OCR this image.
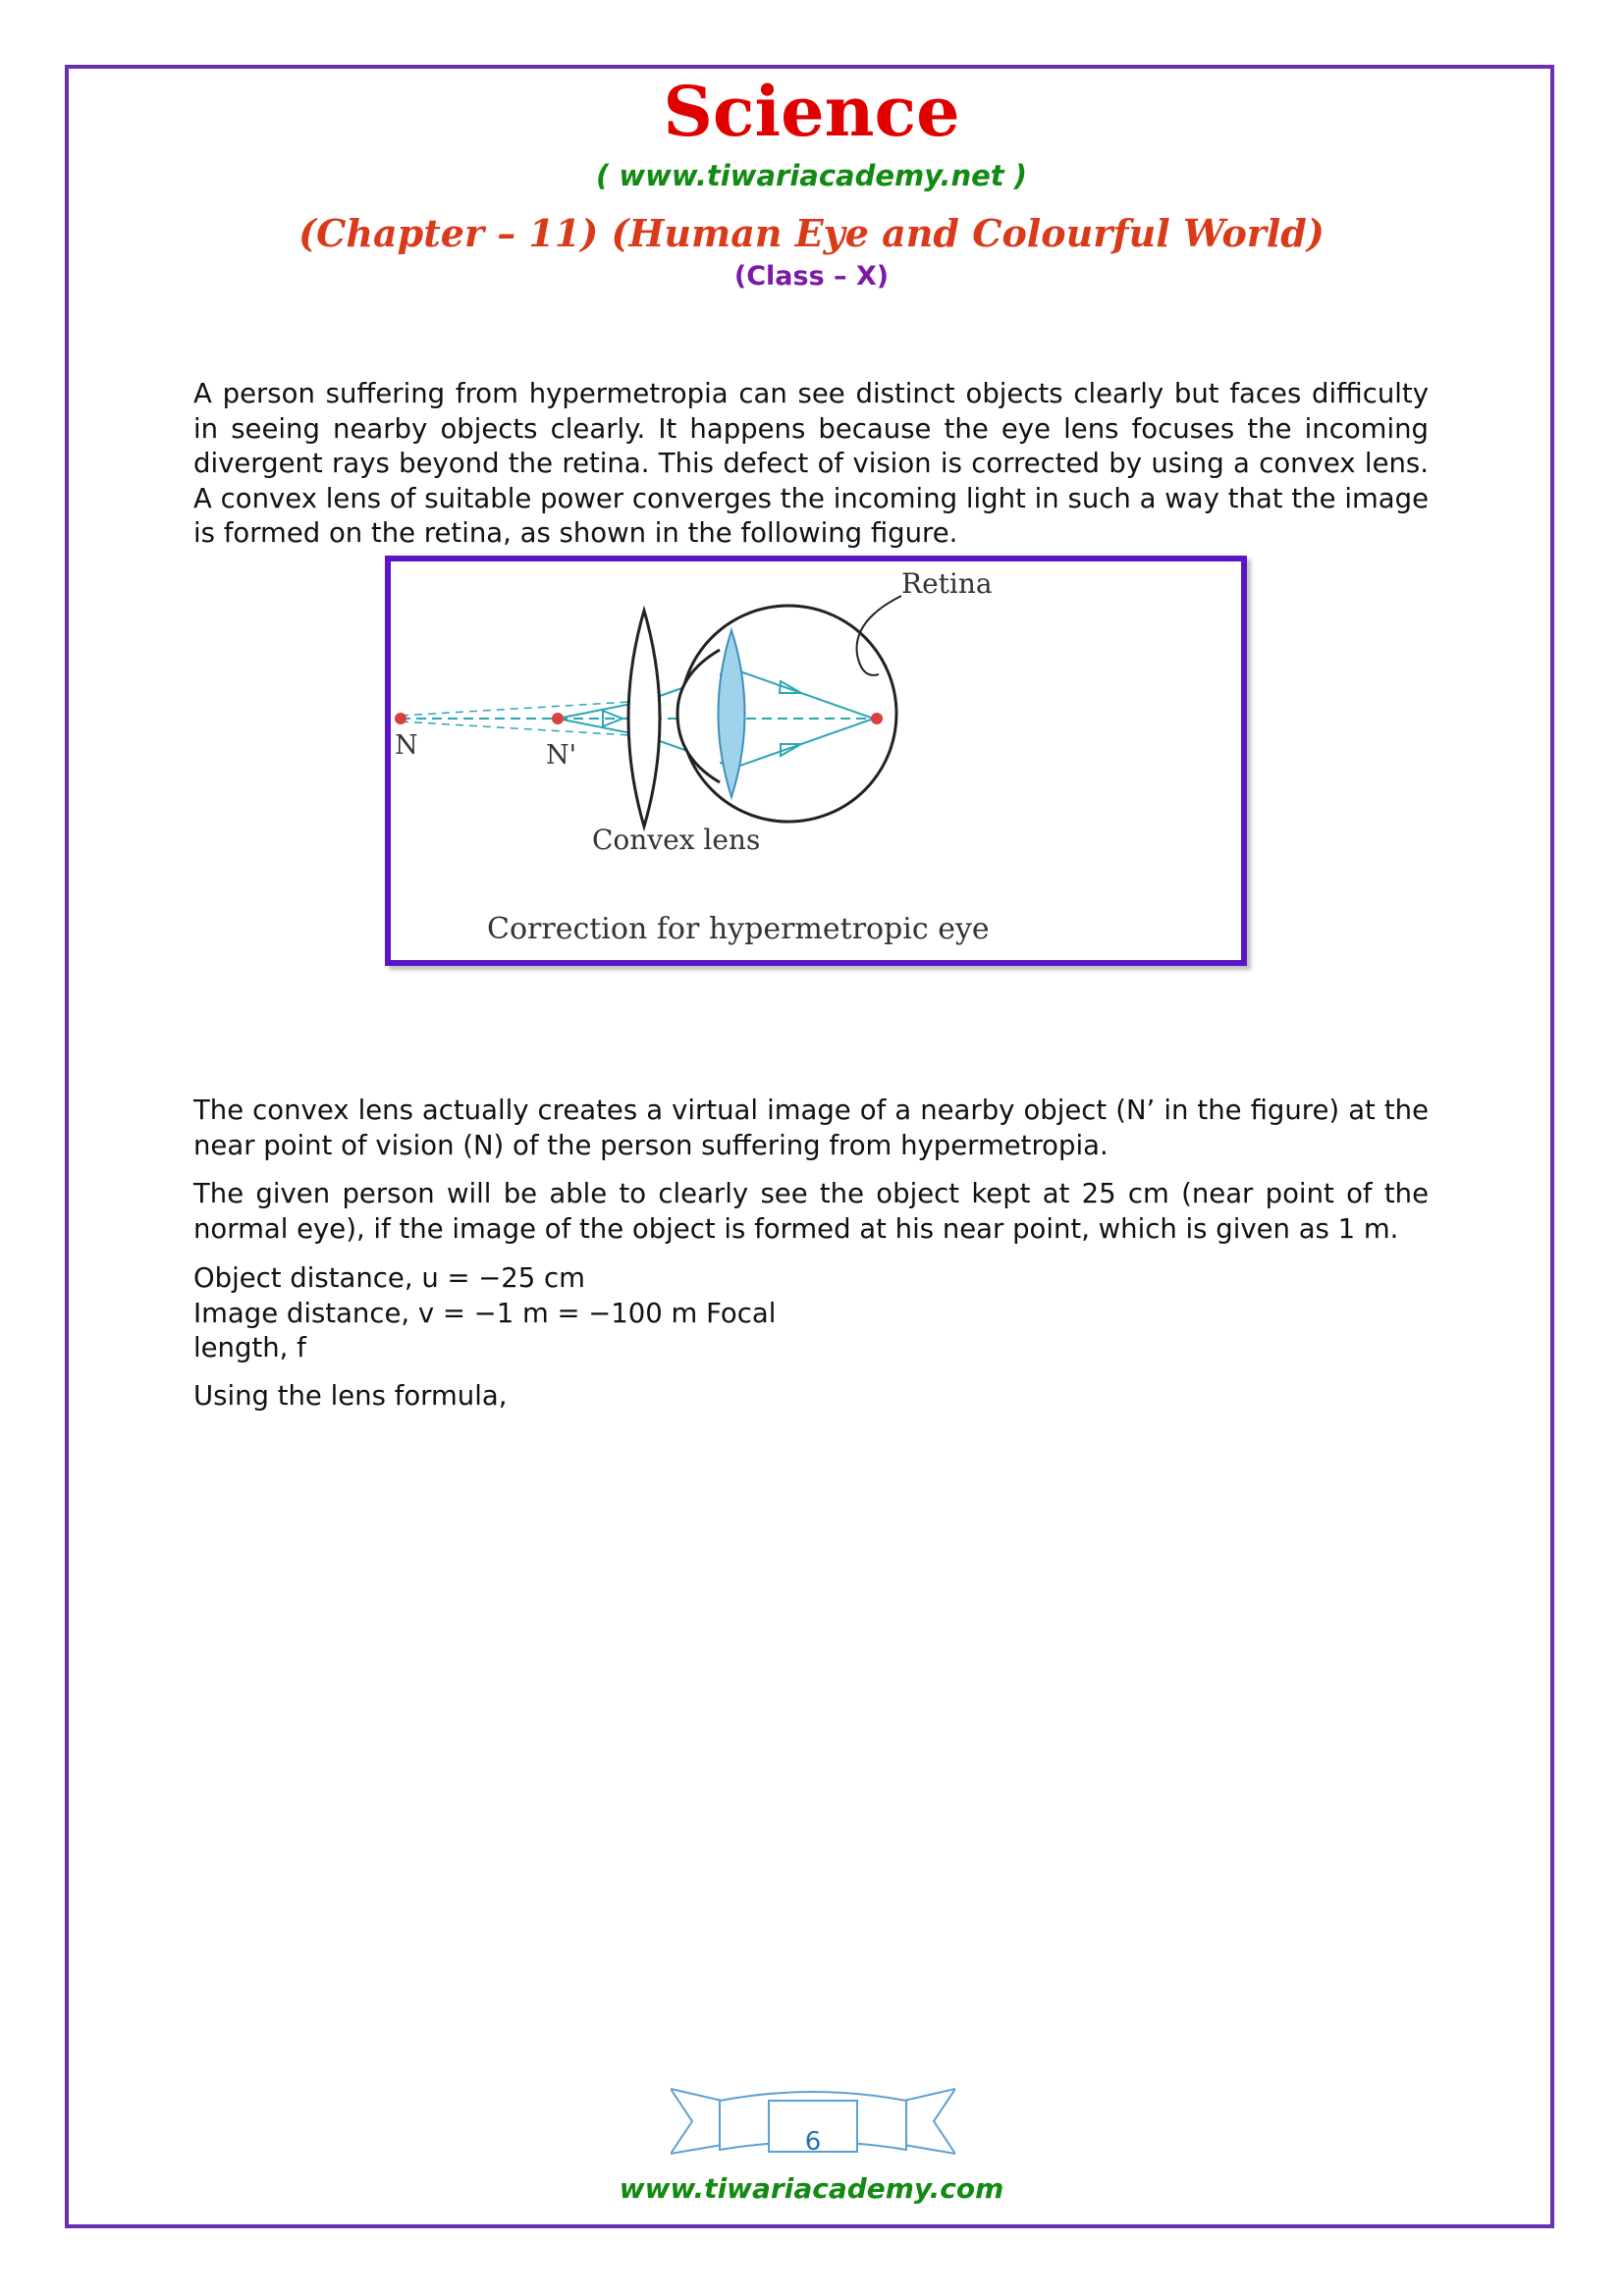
Science
( www.tiwariacademy.net )
(Chapter – 11) (Human Eye and Colourful World)
(Class – X)
A person suffering from hypermetropia can see distinct objects clearly but faces difficulty in seeing nearby objects clearly. It happens because the eye lens focuses the incoming divergent rays beyond the retina. This defect of vision is corrected by using a convex lens. A convex lens of suitable power converges the incoming light in such a way that the image is formed on the retina, as shown in the following figure.
Retina
N	N'
Convex lens
Correction for hypermetropic eye
The convex lens actually creates a virtual image of a nearby object (N’ in the figure) at the near point of vision (N) of the person suffering from hypermetropia.
The given person will be able to clearly see the object kept at 25 cm (near point of the normal eye), if the image of the object is formed at his near point, which is given as 1 m.
Object distance, u = −25 cm
Image distance, v = −1 m = −100 m Focal length, f
Using the lens formula,
6
www.tiwariacademy.com
